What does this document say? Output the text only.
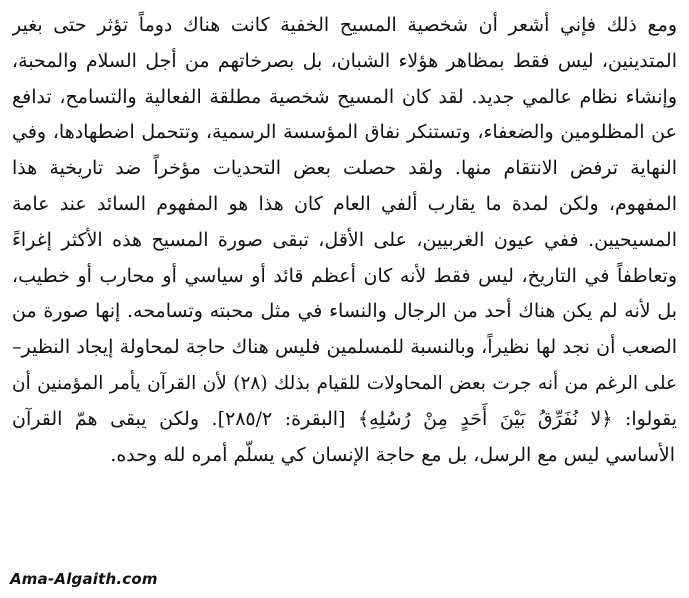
ومع ذلك فإني أشعر أن شخصية المسيح الخفية كانت هناك دوماً تؤثر حتى بغير
المتدينين، ليس فقط بمظاهر هؤلاء الشبان، بل بصرخاتهم من أجل السلام والمحبة،
وإنشاء نظام عالمي جديد. لقد كان المسيح شخصية مطلقة الفعالية والتسامح، تدافع
عن المظلومين والضعفاء، وتستنكر نفاق المؤسسة الرسمية، وتتحمل اضطهادها، وفي
النهاية ترفض الانتقام منها. ولقد حصلت بعض التحديات مؤخراً ضد تاريخية هذا
المفهوم، ولكن لمدة ما يقارب ألفي العام كان هذا هو المفهوم السائد عند عامة
المسيحيين. ففي عيون الغربيين، على الأقل، تبقى صورة المسيح هذه الأكثر إغراءً
وتعاطفاً في التاريخ، ليس فقط لأنه كان أعظم قائد أو سياسي أو محارب أو خطيب،
بل لأنه لم يكن هناك أحد من الرجال والنساء في مثل محبته وتسامحه. إنها صورة من
الصعب أن نجد لها نظيراً، وبالنسبة للمسلمين فليس هناك حاجة لمحاولة إيجاد النظير–
على الرغم من أنه جرت بعض المحاولات للقيام بذلك (٢٨) لأن القرآن يأمر المؤمنين أن
يقولوا: ﴿لا نُفَرِّقُ بَيْنَ أَحَدٍ مِنْ رُسُلِهِ﴾ [البقرة: ٢٨٥/٢]. ولكن يبقى همّ القرآن
الأساسي ليس مع الرسل، بل مع حاجة الإنسان كي يسلّم أمره لله وحده.
Ama-Algaith.com
